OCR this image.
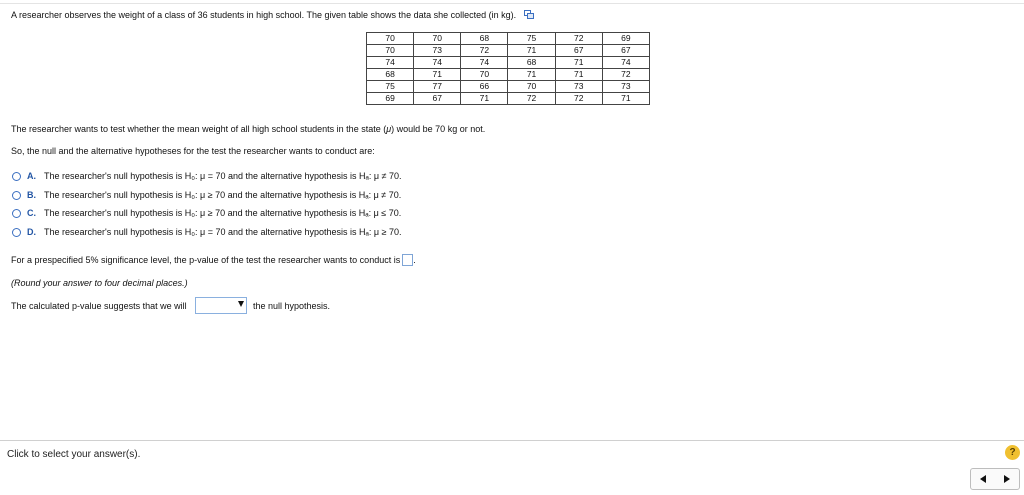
A researcher observes the weight of a class of 36 students in high school. The given table shows the data she collected (in kg).
70	70	68	75	72	69
70	73	72	71	67	67
74	74	74	68	71	74
68	71	70	71	71	72
75	77	66	70	73	73
69	67	71	72	72	71
The researcher wants to test whether the mean weight of all high school students in the state (μ) would be 70 kg or not.
So, the null and the alternative hypotheses for the test the researcher wants to conduct are:
A. The researcher's null hypothesis is H₀: μ = 70 and the alternative hypothesis is Hₐ: μ ≠ 70.
B. The researcher's null hypothesis is H₀: μ ≥ 70 and the alternative hypothesis is Hₐ: μ ≠ 70.
C. The researcher's null hypothesis is H₀: μ ≥ 70 and the alternative hypothesis is Hₐ: μ ≤ 70.
D. The researcher's null hypothesis is H₀: μ = 70 and the alternative hypothesis is Hₐ: μ ≥ 70.
For a prespecified 5% significance level, the p-value of the test the researcher wants to conduct is .
(Round your answer to four decimal places.)
The calculated p-value suggests that we will	the null hypothesis.
Click to select your answer(s).	?
